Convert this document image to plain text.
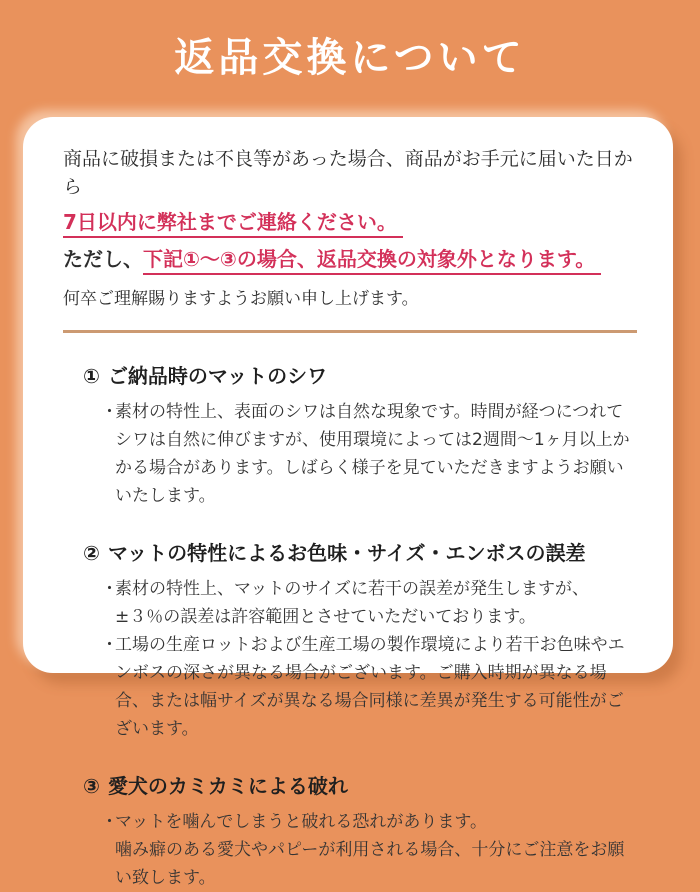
返品交換について
商品に破損または不良等があった場合、商品がお手元に届いた日から
7日以内に弊社までご連絡ください。
ただし、下記①〜③の場合、返品交換の対象外となります。
何卒ご理解賜りますようお願い申し上げます。
① ご納品時のマットのシワ
・
素材の特性上、表面のシワは自然な現象です。時間が経つにつれてシワは自然に伸びますが、使用環境によっては2週間〜1ヶ月以上かかる場合があります。しばらく様子を見ていただきますようお願いいたします。
② マットの特性によるお色味・サイズ・エンボスの誤差
・
素材の特性上、マットのサイズに若干の誤差が発生しますが、±３％の誤差は許容範囲とさせていただいております。
・
工場の生産ロットおよび生産工場の製作環境により若干お色味やエンボスの深さが異なる場合がございます。ご購入時期が異なる場合、または幅サイズが異なる場合同様に差異が発生する可能性がございます。
③ 愛犬のカミカミによる破れ
・
マットを噛んでしまうと破れる恐れがあります。
噛み癖のある愛犬やパピーが利用される場合、十分にご注意をお願い致します。
